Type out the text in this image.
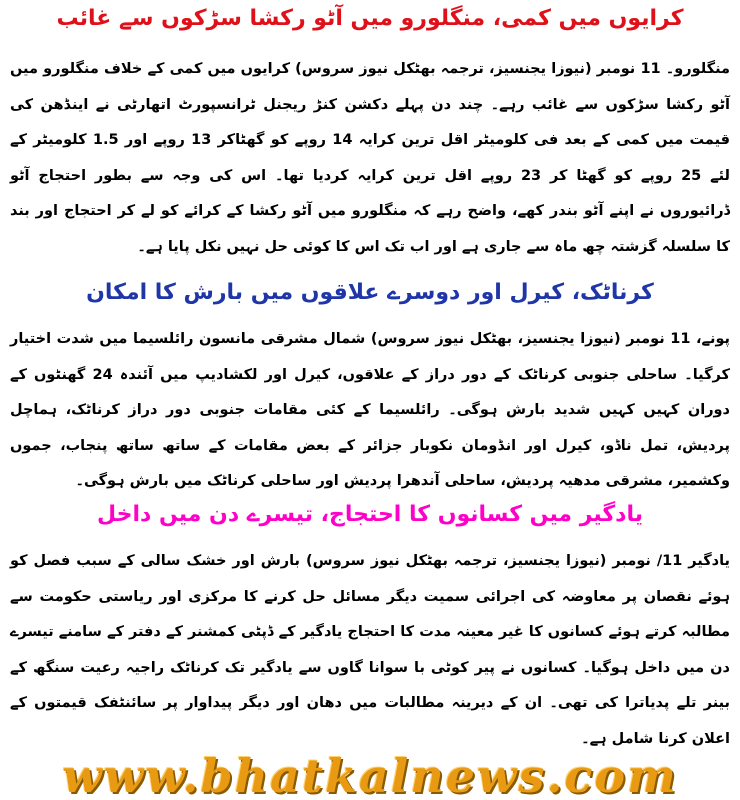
کرایوں میں کمی، منگلورو میں آٹو رکشا سڑکوں سے غائب

منگلورو۔ 11 نومبر (نیوزا یجنسیز، ترجمہ بھٹکل نیوز سروس) کرایوں میں کمی کے خلاف منگلورو میں آٹو رکشا سڑکوں سے غائب رہے۔ چند دن پہلے دکشن کنڑ ریجنل ٹرانسپورٹ اتھارٹی نے اینڈھن کی قیمت میں کمی کے بعد فی کلومیٹر اقل ترین کرایہ 14 روپے کو گھٹاکر 13 روپے اور 1.5 کلومیٹر کے لئے 25 روپے کو گھٹا کر 23 روپے اقل ترین کرایہ کردیا تھا۔ اس کی وجہ سے بطور احتجاج آٹو ڈرائیوروں نے اپنے آٹو بندر کھے، واضح رہے کہ منگلورو میں آٹو رکشا کے کرائے کو لے کر احتجاج اور بند کا سلسلہ گزشتہ چھ ماہ سے جاری ہے اور اب تک اس کا کوئی حل نہیں نکل پایا ہے۔

کرناٹک، کیرل اور دوسرے علاقوں میں بارش کا امکان

پونے، 11 نومبر (نیوزا یجنسیز، بھٹکل نیوز سروس) شمال مشرقی مانسون رائلسیما میں شدت اختیار کرگیا۔ ساحلی جنوبی کرناٹک کے دور دراز کے علاقوں، کیرل اور لکشادیپ میں آئندہ 24 گھنٹوں کے دوران کہیں کہیں شدید بارش ہوگی۔ رائلسیما کے کئی مقامات جنوبی دور دراز کرناٹک، ہماچل پردیش، تمل ناڈو، کیرل اور انڈومان نکوبار جزائر کے بعض مقامات کے ساتھ ساتھ پنجاب، جموں وکشمیر، مشرقی مدھیہ پردیش، ساحلی آندھرا پردیش اور ساحلی کرناٹک میں بارش ہوگی۔

یادگیر میں کسانوں کا احتجاج، تیسرے دن میں داخل

یادگیر 11/ نومبر (نیوزا یجنسیز، ترجمہ بھٹکل نیوز سروس) بارش اور خشک سالی کے سبب فصل کو ہوئے نقصان پر معاوضہ کی اجرائی سمیت دیگر مسائل حل کرنے کا مرکزی اور ریاستی حکومت سے مطالبہ کرتے ہوئے کسانوں کا غیر معینہ مدت کا احتجاج یادگیر کے ڈپٹی کمشنر کے دفتر کے سامنے تیسرے دن میں داخل ہوگیا۔ کسانوں نے پیر کوٹی با سوانا گاوں سے یادگیر تک کرناٹک راجیہ رعیت سنگھ کے بینر تلے پدیاترا کی تھی۔ ان کے دیرینہ مطالبات میں دھان اور دیگر پیداوار پر سائنٹفک قیمتوں کے اعلان کرنا شامل ہے۔

www.bhatkalnews.com
